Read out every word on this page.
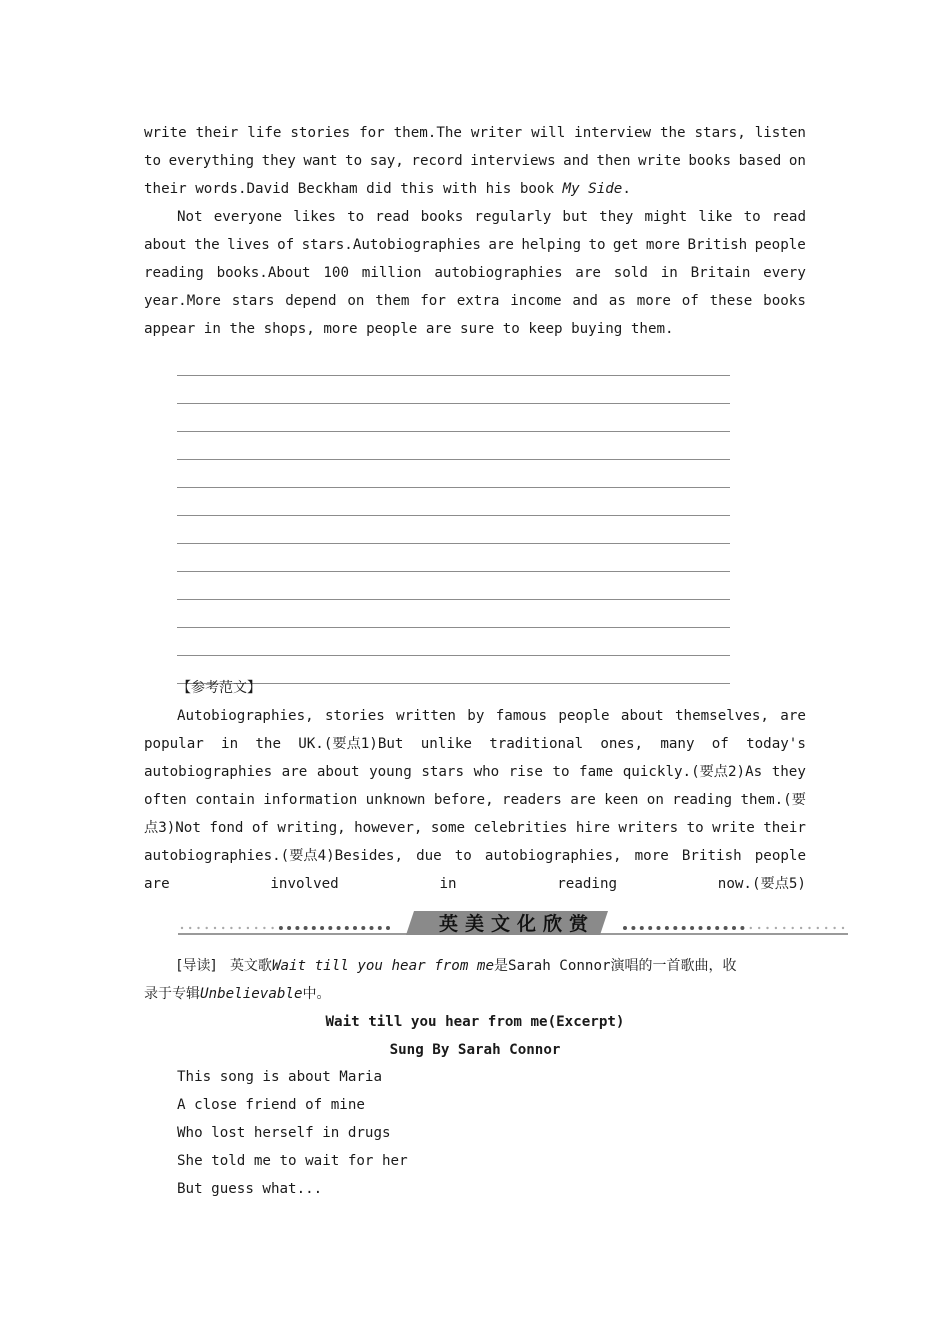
write their life stories for them.The writer will interview the stars, listen
to everything they want to say, record interviews and then write books based on
their words.David Beckham did this with his book My Side .
Not everyone likes to read books regularly but they might like to read
about the lives of stars.Autobiographies are helping to get more British people
reading books.About 100 million autobiographies are sold in Britain every
year.More stars depend on them for extra income and as more of these books
appear in the shops, more people are sure to keep buying them.
【参考范文】
Autobiographies, stories written by famous people about themselves, are
popular in the UK.(要点1)But unlike traditional ones, many of today's
autobiographies are about young stars who rise to fame quickly.(要点2)As they
often contain information unknown before, readers are keen on reading them.(要
点3)Not fond of writing, however, some celebrities hire writers to write their
autobiographies.(要点4)Besides, due to autobiographies, more British people
are	involved	in	reading	now.(要点5)
英美文化欣赏
[导读] 英文歌 Wait till you hear from me 是 Sarah Connor 演唱的一首歌曲，收
录于专辑 Unbelievable 中。
Wait till you hear from me(Excerpt)
Sung By Sarah Connor
This song is about Maria
A close friend of mine
Who lost herself in drugs
She told me to wait for her
But guess what...
